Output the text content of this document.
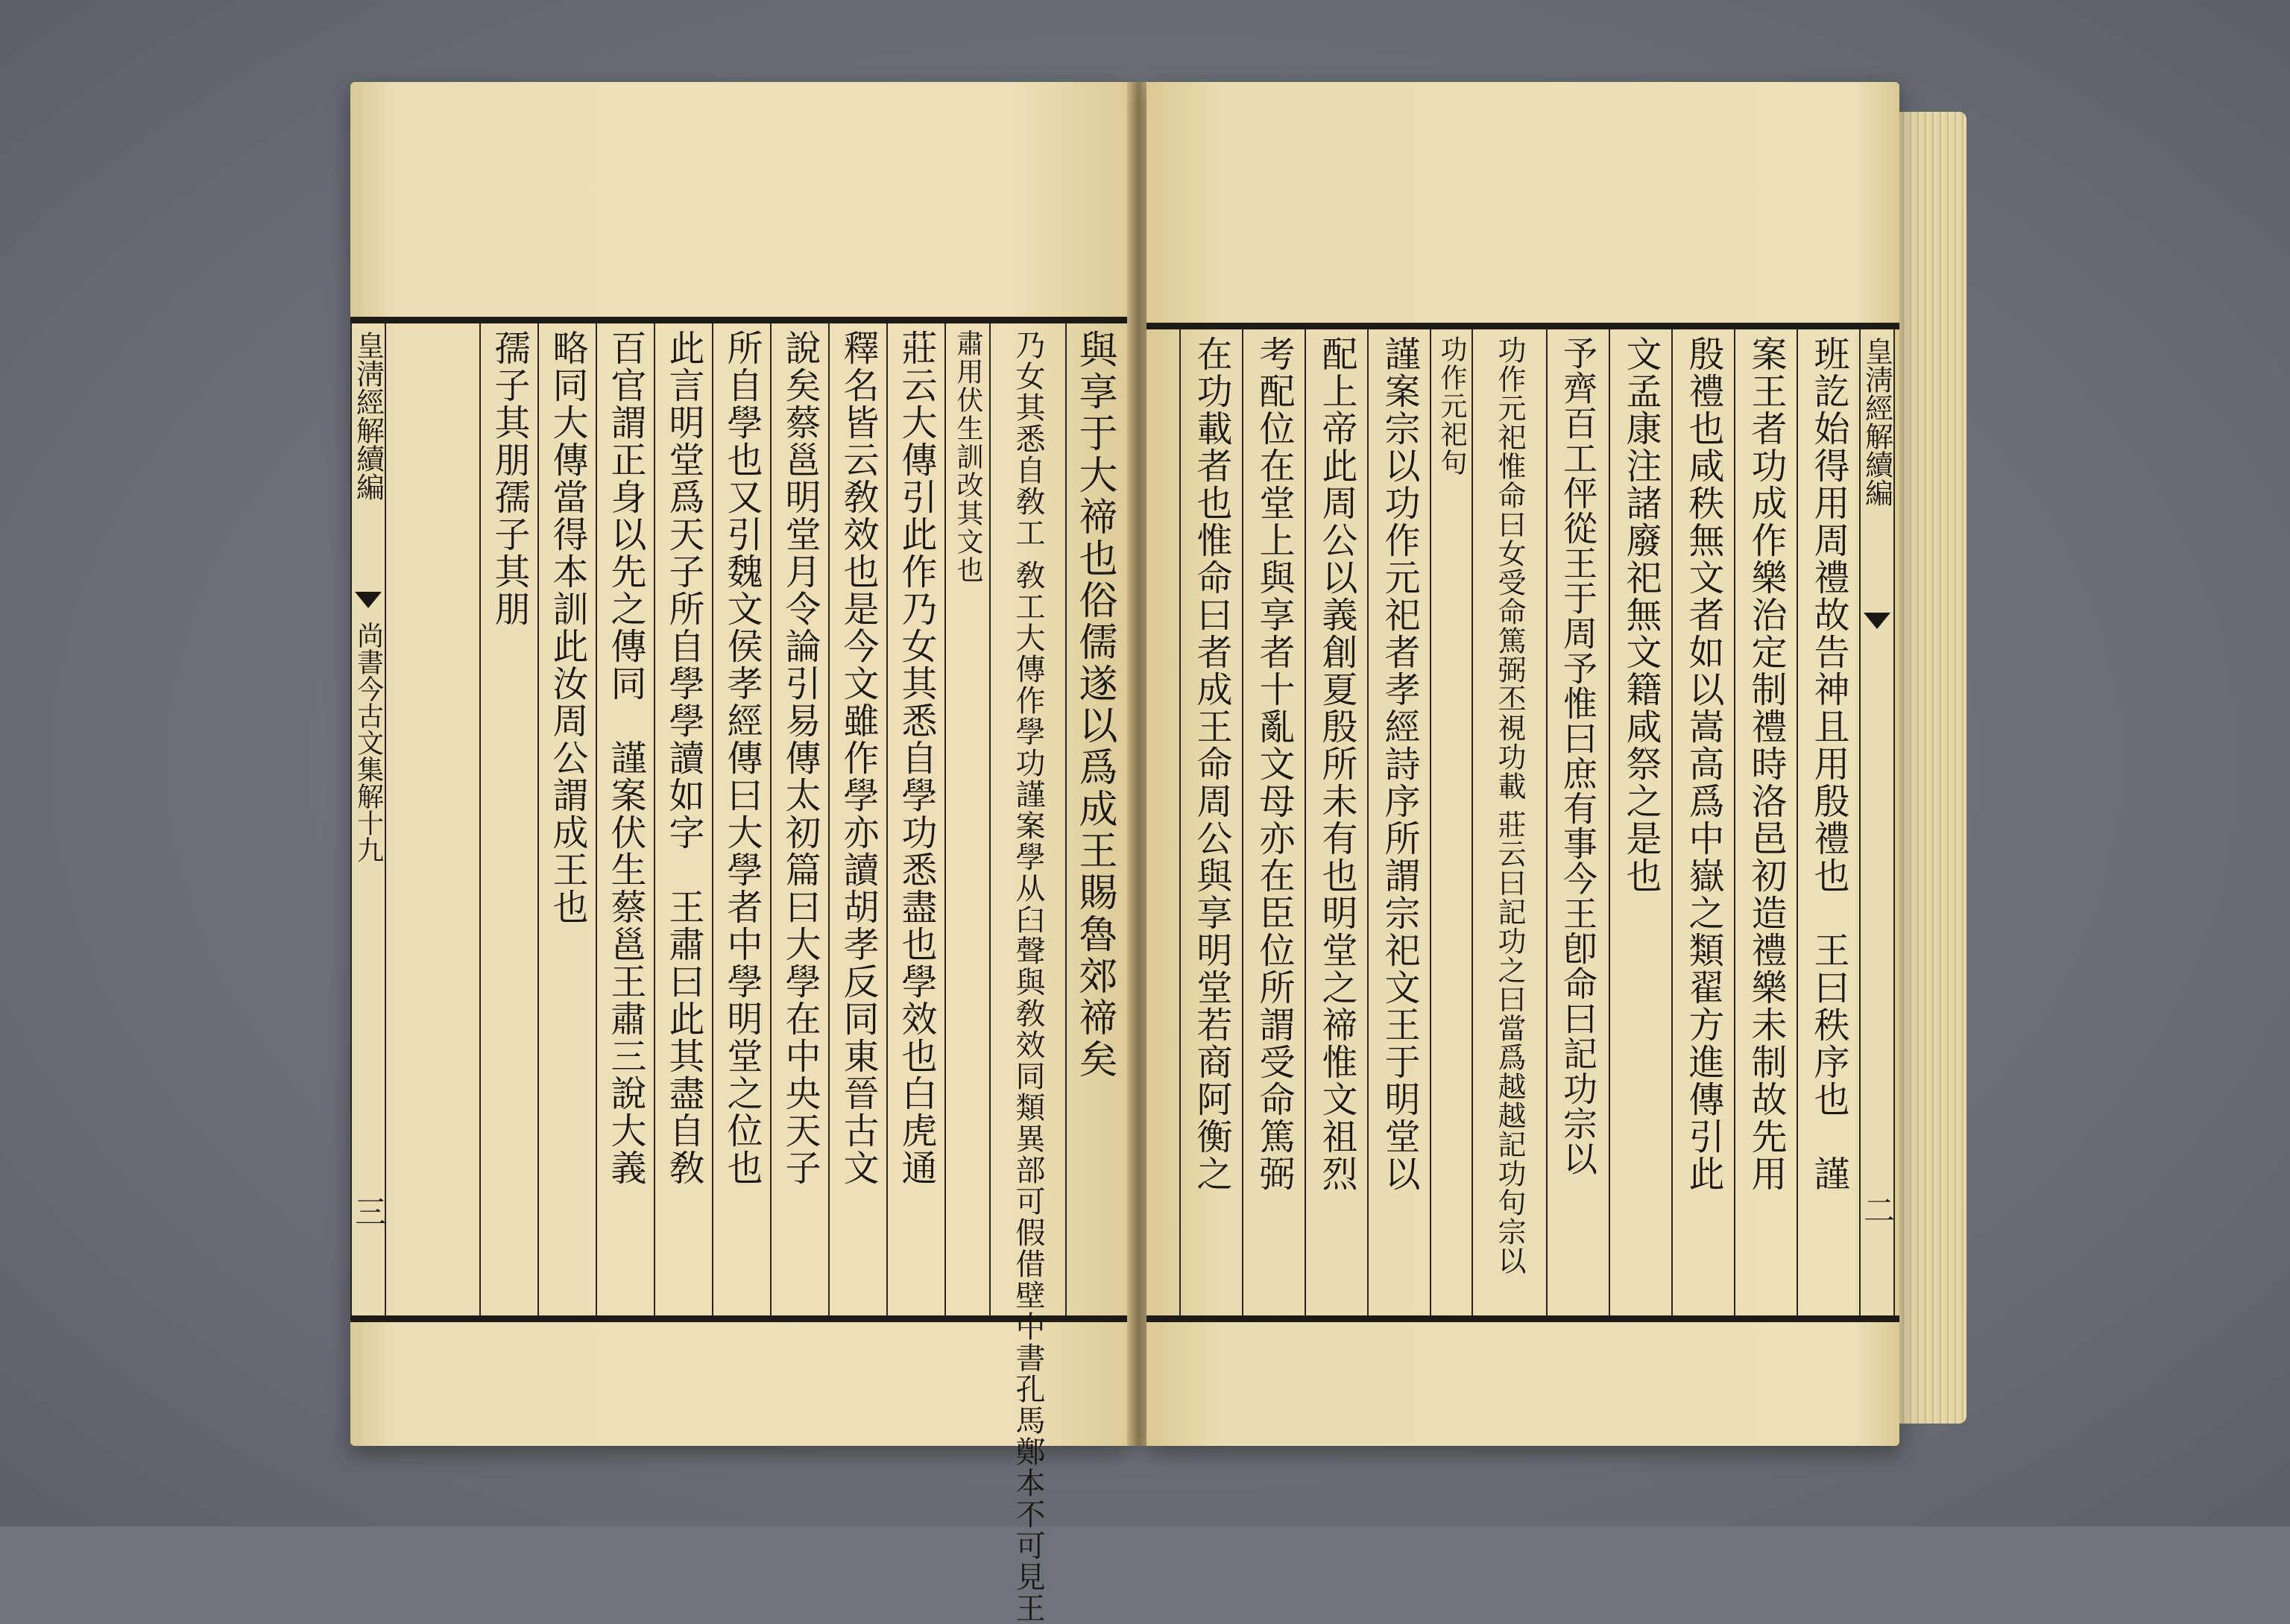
與享于大禘也俗儒遂以爲成王賜魯郊禘矣
乃女其悉自敎工 敎工大傳作學功謹案學从臼聲與敎效同類異部可假借壁中書孔馬鄭本不可見王
肅用伏生訓改其文也
莊云大傳引此作乃女其悉自學功悉盡也學效也白虎通
釋名皆云敎效也是今文雖作學亦讀胡孝反同東晉古文
說矣蔡邕明堂月令論引易傳太初篇曰大學在中央天子
所自學也又引魏文侯孝經傳曰大學者中學明堂之位也
此言明堂爲天子所自學學讀如字　王肅曰此其盡自敎
百官謂正身以先之傳同　謹案伏生蔡邕王肅三說大義
略同大傳當得本訓此汝周公謂成王也
孺子其朋孺子其朋
皇淸經解續編
尚書今古文集解十九
三
班訖始得用周禮故告神且用殷禮也　王曰秩序也　謹
案王者功成作樂治定制禮時洛邑初造禮樂未制故先用
殷禮也咸秩無文者如以嵩高爲中嶽之類翟方進傳引此
文孟康注諸廢祀無文籍咸祭之是也
予齊百工伻從王于周予惟曰庶有事今王卽命曰記功宗以
功作元祀惟命曰女受命篤弼丕視功載 莊云曰記功之曰當爲越越記功句宗以
功作元祀句
謹案宗以功作元祀者孝經詩序所謂宗祀文王于明堂以
配上帝此周公以義創夏殷所未有也明堂之禘惟文祖烈
考配位在堂上與享者十亂文母亦在臣位所謂受命篤弼
在功載者也惟命曰者成王命周公與享明堂若商阿衡之	皇淸經解續編
二
